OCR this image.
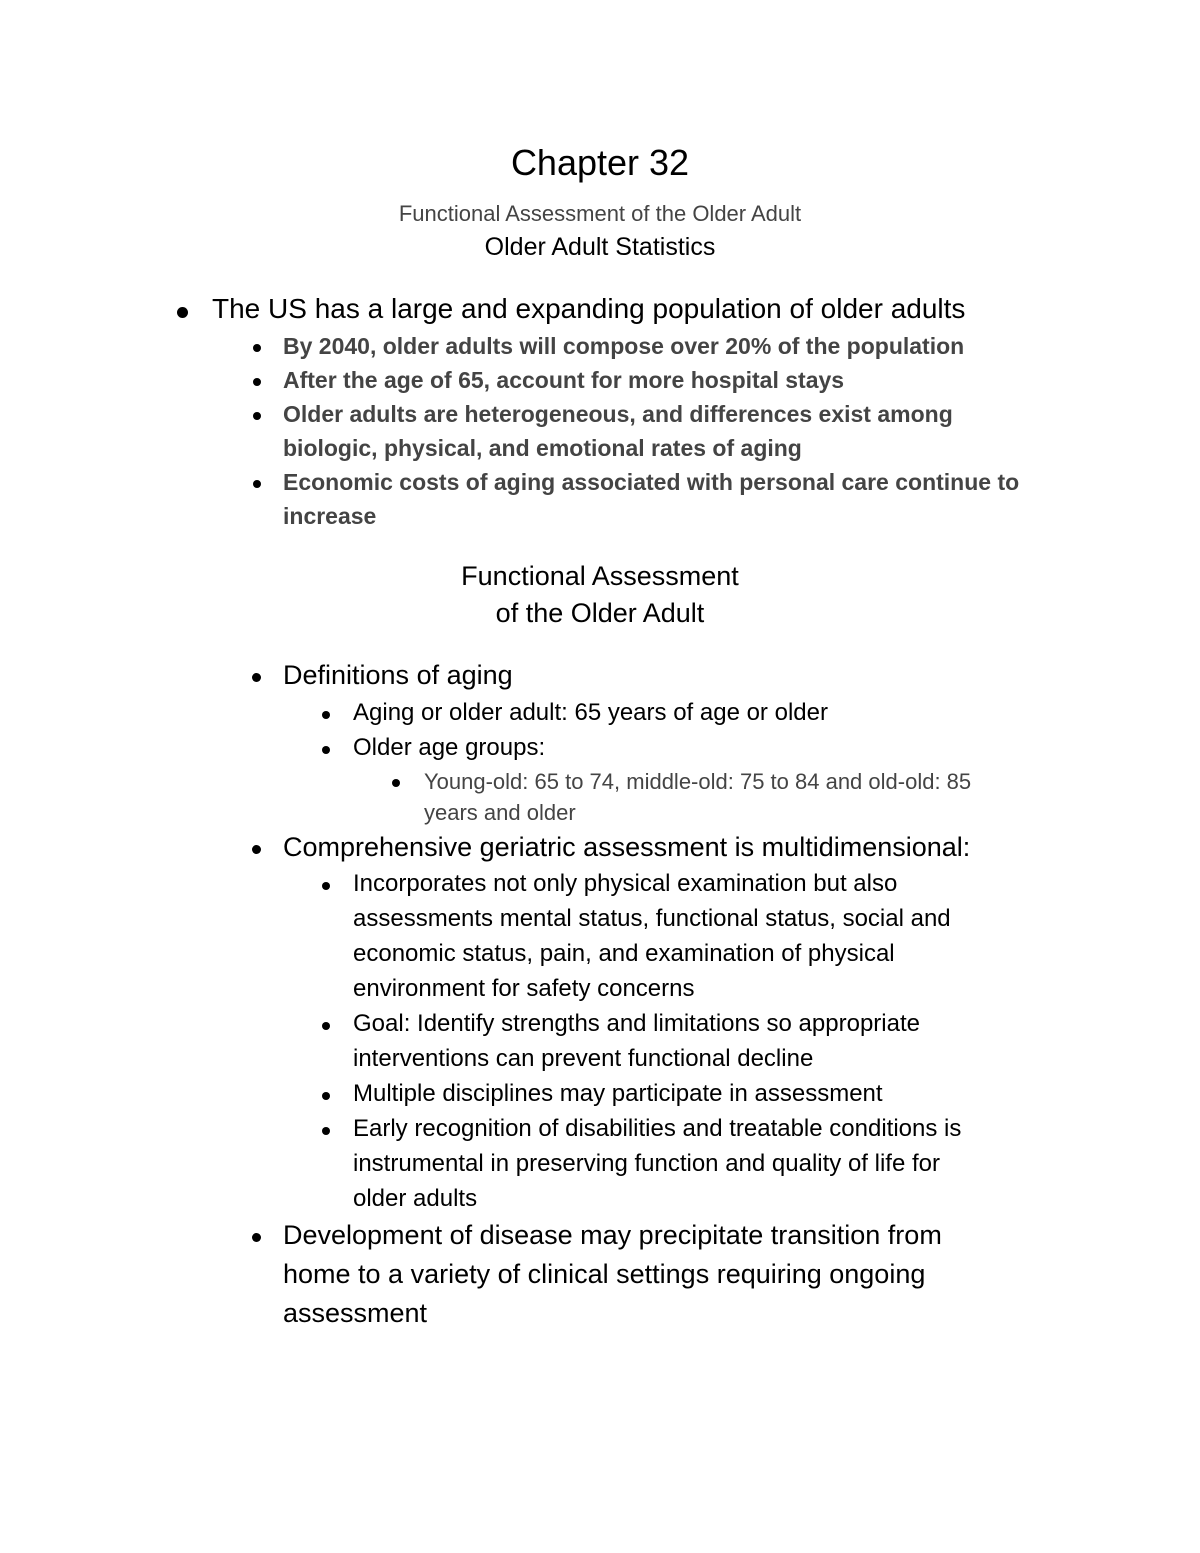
Chapter 32
Functional Assessment of the Older Adult
Older Adult Statistics
The US has a large and expanding population of older adults
By 2040, older adults will compose over 20% of the population
After the age of 65, account for more hospital stays
Older adults are heterogeneous, and differences exist among
biologic, physical, and emotional rates of aging
Economic costs of aging associated with personal care continue to
increase
Functional Assessment
of the Older Adult
Definitions of aging
Aging or older adult: 65 years of age or older
Older age groups:
Young-old: 65 to 74, middle-old: 75 to 84 and old-old: 85
years and older
Comprehensive geriatric assessment is multidimensional:
Incorporates not only physical examination but also
assessments mental status, functional status, social and
economic status, pain, and examination of physical
environment for safety concerns
Goal: Identify strengths and limitations so appropriate
interventions can prevent functional decline
Multiple disciplines may participate in assessment
Early recognition of disabilities and treatable conditions is
instrumental in preserving function and quality of life for
older adults
Development of disease may precipitate transition from
home to a variety of clinical settings requiring ongoing
assessment
